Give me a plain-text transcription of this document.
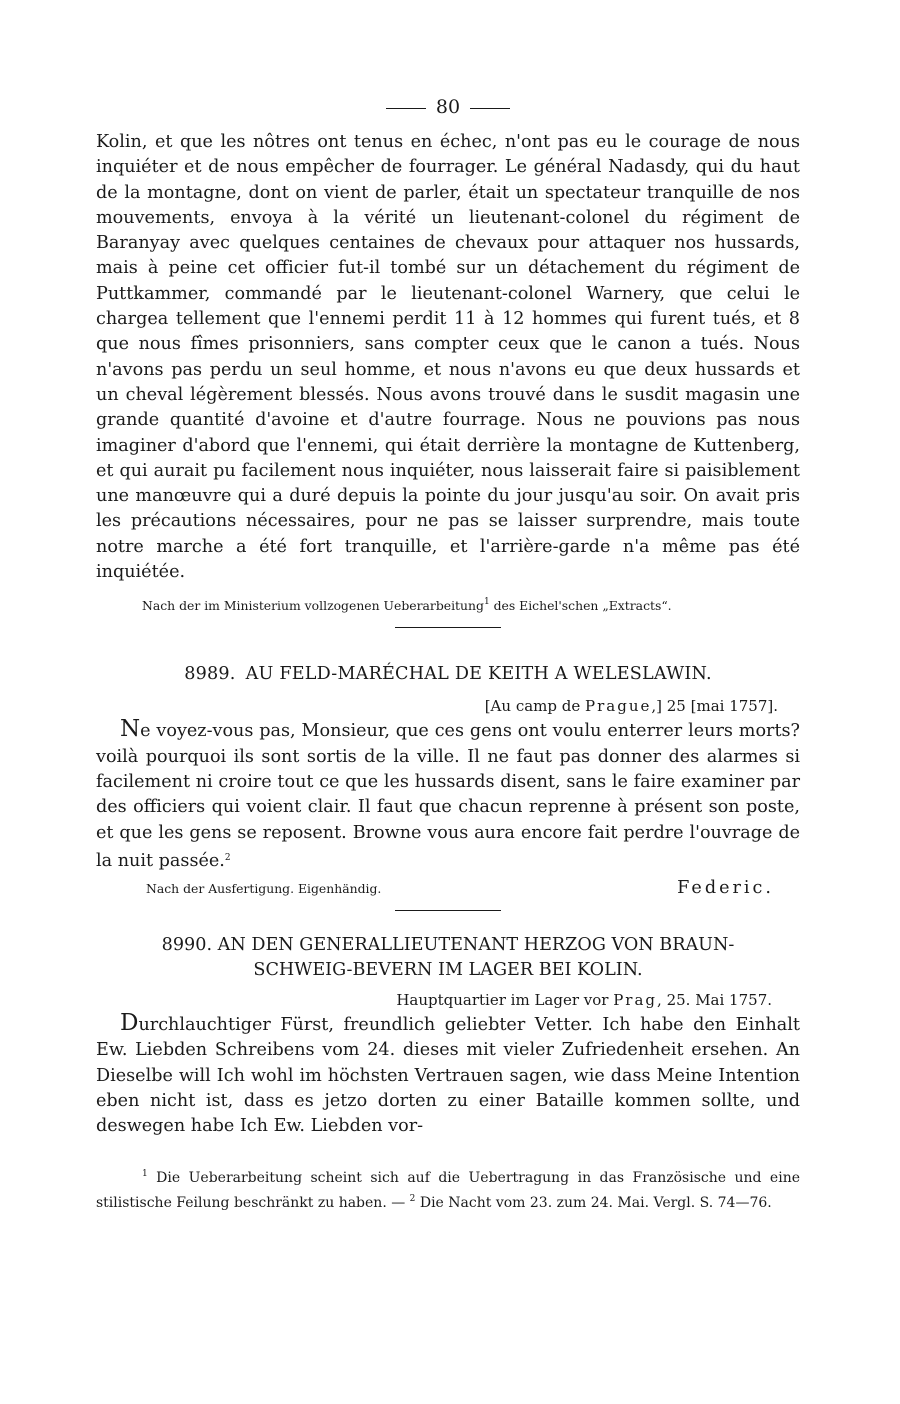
80

Kolin, et que les nôtres ont tenus en échec, n'ont pas eu le courage de nous inquiéter et de nous empêcher de fourrager. Le général Nadasdy, qui du haut de la montagne, dont on vient de parler, était un spectateur tranquille de nos mouvements, envoya à la vérité un lieutenant-colonel du régiment de Baranyay avec quelques centaines de chevaux pour attaquer nos hussards, mais à peine cet officier fut-il tombé sur un détachement du régiment de Puttkammer, commandé par le lieutenant-colonel Warnery, que celui le chargea tellement que l'ennemi perdit 11 à 12 hommes qui furent tués, et 8 que nous fîmes prisonniers, sans compter ceux que le canon a tués. Nous n'avons pas perdu un seul homme, et nous n'avons eu que deux hussards et un cheval légèrement blessés. Nous avons trouvé dans le susdit magasin une grande quantité d'avoine et d'autre fourrage. Nous ne pouvions pas nous imaginer d'abord que l'ennemi, qui était derrière la montagne de Kuttenberg, et qui aurait pu facilement nous inquiéter, nous laisserait faire si paisiblement une manœuvre qui a duré depuis la pointe du jour jusqu'au soir. On avait pris les précautions nécessaires, pour ne pas se laisser surprendre, mais toute notre marche a été fort tranquille, et l'arrière-garde n'a même pas été inquiétée.

Nach der im Ministerium vollzogenen Ueberarbeitung$^1$ des Eichel'schen „Extracts“.
8989. AU FELD-MARÉCHAL DE KEITH A WELESLAWIN.
[Au camp de Prague,] 25 [mai 1757].

Ne voyez-vous pas, Monsieur, que ces gens ont voulu enterrer leurs morts? voilà pourquoi ils sont sortis de la ville. Il ne faut pas donner des alarmes si facilement ni croire tout ce que les hussards disent, sans le faire examiner par des officiers qui voient clair. Il faut que chacun reprenne à présent son poste, et que les gens se reposent. Browne vous aura encore fait perdre l'ouvrage de la nuit passée.$^2$

Nach der Ausfertigung. Eigenhändig.	Federic.
8990. AN DEN GENERALLIEUTENANT HERZOG VON BRAUN-
SCHWEIG-BEVERN IM LAGER BEI KOLIN.
Hauptquartier im Lager vor Prag, 25. Mai 1757.

Durchlauchtiger Fürst, freundlich geliebter Vetter. Ich habe den Einhalt Ew. Liebden Schreibens vom 24. dieses mit vieler Zufriedenheit ersehen. An Dieselbe will Ich wohl im höchsten Vertrauen sagen, wie dass Meine Intention eben nicht ist, dass es jetzo dorten zu einer Bataille kommen sollte, und deswegen habe Ich Ew. Liebden vor-

$^1$ Die Ueberarbeitung scheint sich auf die Uebertragung in das Französische und eine stilistische Feilung beschränkt zu haben. — $^2$ Die Nacht vom 23. zum 24. Mai. Vergl. S. 74—76.
